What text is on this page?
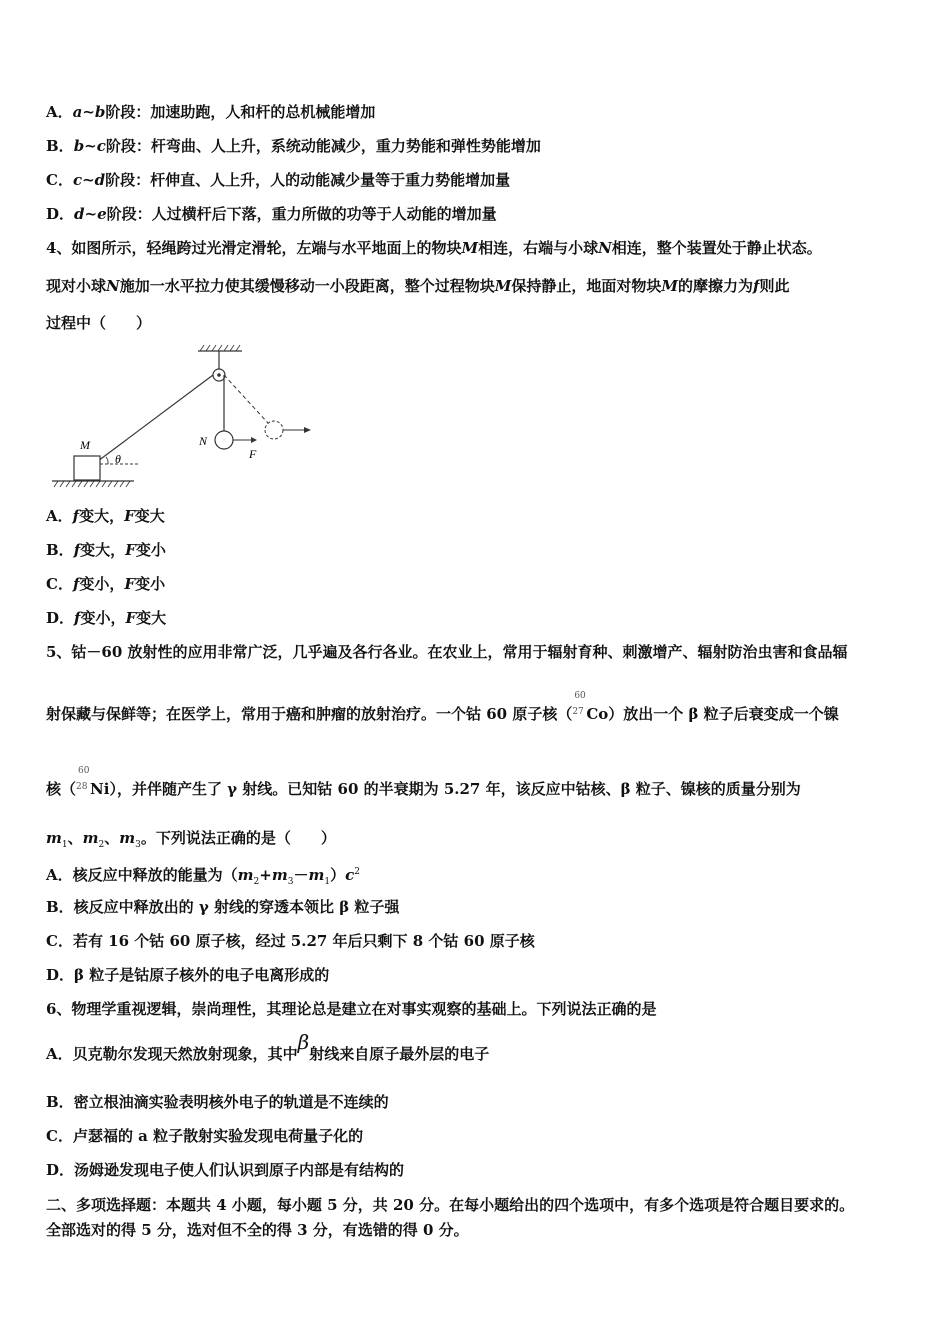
A．a~b阶段：加速助跑，人和杆的总机械能增加
B．b~c阶段：杆弯曲、人上升，系统动能减少，重力势能和弹性势能增加
C．c~d阶段：杆伸直、人上升，人的动能减少量等于重力势能增加量
D．d~e阶段：人过横杆后下落，重力所做的功等于人动能的增加量
4、如图所示，轻绳跨过光滑定滑轮，左端与水平地面上的物块M相连，右端与小球N相连，整个装置处于静止状态。
现对小球N施加一水平拉力使其缓慢移动一小段距离，整个过程物块M保持静止，地面对物块M的摩擦力为f则此
过程中（　　）
M	N
F
θ
A．f变大，F变大
B．f变大，F变小
C．f变小，F变小
D．f变小，F变大
5、钴－60 放射性的应用非常广泛，几乎遍及各行各业。在农业上，常用于辐射育种、刺激增产、辐射防治虫害和食品辐
射保藏与保鲜等；在医学上，常用于癌和肿瘤的放射治疗。一个钴 60 原子核（
60
27 Co）放出一个 β 粒子后衰变成一个镍
核（
60
28 Ni），并伴随产生了 γ 射线。已知钴 60 的半衰期为 5.27 年，该反应中钴核、β 粒子、镍核的质量分别为
$m_1$、$m_2$、$m_3$。下列说法正确的是（　　）
A．核反应中释放的能量为$(m_2+m_3-m_1)c^2$
B．核反应中释放出的 γ 射线的穿透本领比 β 粒子强
C．若有 16 个钴 60 原子核，经过 5.27 年后只剩下 8 个钴 60 原子核
D．β 粒子是钴原子核外的电子电离形成的
6、物理学重视逻辑，崇尚理性，其理论总是建立在对事实观察的基础上。下列说法正确的是
A．贝克勒尔发现天然放射现象，其中β射线来自原子最外层的电子
B．密立根油滴实验表明核外电子的轨道是不连续的
C．卢瑟福的 a 粒子散射实验发现电荷量子化的
D．汤姆逊发现电子使人们认识到原子内部是有结构的
二、多项选择题：本题共 4 小题，每小题 5 分，共 20 分。在每小题给出的四个选项中，有多个选项是符合题目要求的。
全部选对的得 5 分，选对但不全的得 3 分，有选错的得 0 分。
